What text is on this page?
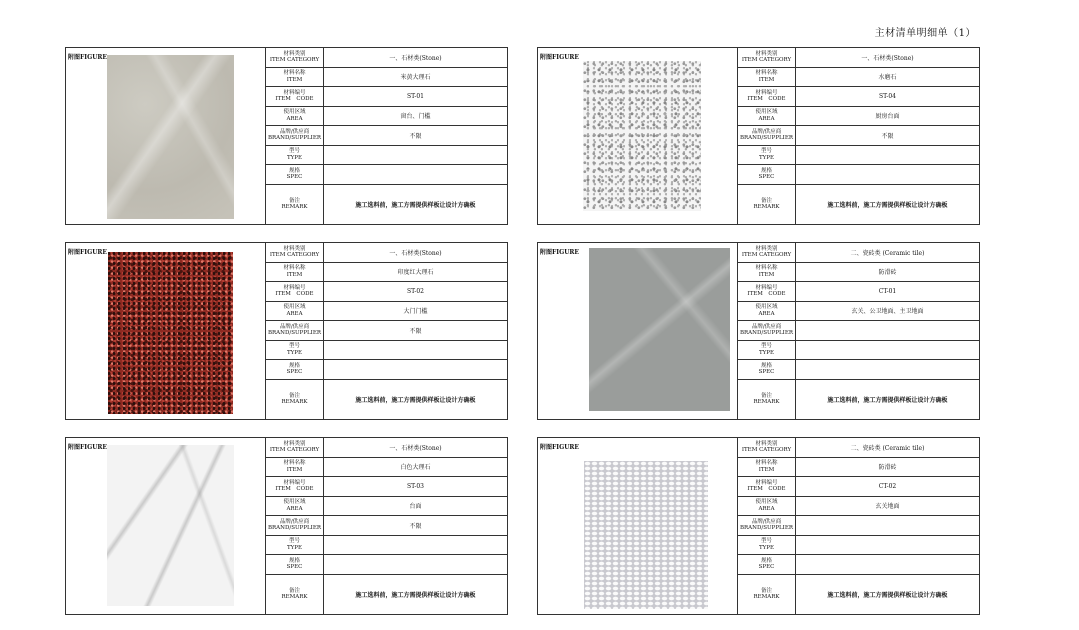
主材清单明细单（1）
附图FIGURE
材料类别
ITEM CATEGORY	一、石材类(Stone)
材料名称
ITEM	米黄大理石
材料编号
ITEM　CODE	ST-01
使用区域
AREA	窗台、门槛
品牌/供应商
BRAND/SUPPLIER	不限
型号
TYPE
规格
SPEC
备注
REMARK	施工选料前，施工方需提供样板让设计方确板
附图FIGURE
材料类别
ITEM CATEGORY	一、石材类(Stone)
材料名称
ITEM	水磨石
材料编号
ITEM　CODE	ST-04
使用区域
AREA	厨房台面
品牌/供应商
BRAND/SUPPLIER	不限
型号
TYPE
规格
SPEC
备注
REMARK	施工选料前，施工方需提供样板让设计方确板
附图FIGURE
材料类别
ITEM CATEGORY	一、石材类(Stone)
材料名称
ITEM	印度红大理石
材料编号
ITEM　CODE	ST-02
使用区域
AREA	大门门槛
品牌/供应商
BRAND/SUPPLIER	不限
型号
TYPE
规格
SPEC
备注
REMARK	施工选料前，施工方需提供样板让设计方确板
附图FIGURE
材料类别
ITEM CATEGORY	二、瓷砖类 (Ceramic tile)
材料名称
ITEM	防滑砖
材料编号
ITEM　CODE	CT-01
使用区域
AREA	玄关、公卫地面、主卫地面
品牌/供应商
BRAND/SUPPLIER
型号
TYPE
规格
SPEC
备注
REMARK	施工选料前，施工方需提供样板让设计方确板
附图FIGURE
材料类别
ITEM CATEGORY	一、石材类(Stone)
材料名称
ITEM	白色大理石
材料编号
ITEM　CODE	ST-03
使用区域
AREA	台面
品牌/供应商
BRAND/SUPPLIER	不限
型号
TYPE
规格
SPEC
备注
REMARK	施工选料前，施工方需提供样板让设计方确板
附图FIGURE
材料类别
ITEM CATEGORY	二、瓷砖类 (Ceramic tile)
材料名称
ITEM	防滑砖
材料编号
ITEM　CODE	CT-02
使用区域
AREA	玄关地面
品牌/供应商
BRAND/SUPPLIER
型号
TYPE
规格
SPEC
备注
REMARK	施工选料前，施工方需提供样板让设计方确板
